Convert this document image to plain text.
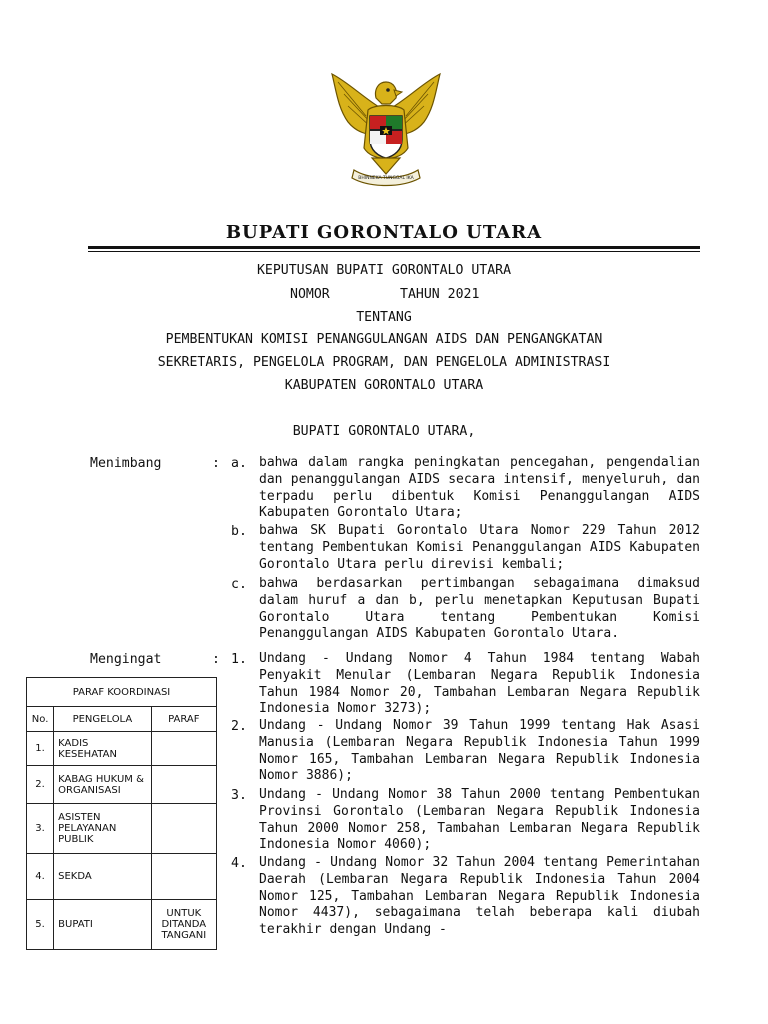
BHINNEKA TUNGGAL IKA
BUPATI GORONTALO UTARA
KEPUTUSAN BUPATI GORONTALO UTARA
NOMOR	TAHUN 2021
TENTANG
PEMBENTUKAN KOMISI PENANGGULANGAN AIDS DAN PENGANGKATAN
SEKRETARIS, PENGELOLA PROGRAM, DAN PENGELOLA ADMINISTRASI
KABUPATEN GORONTALO UTARA
BUPATI GORONTALO UTARA,
Menimbang	: a. bahwa dalam rangka peningkatan pencegahan, pengendalian dan penanggulangan AIDS secara intensif, menyeluruh, dan terpadu perlu dibentuk Komisi Penanggulangan AIDS Kabupaten Gorontalo Utara;

b. bahwa SK Bupati Gorontalo Utara Nomor 229 Tahun 2012 tentang Pembentukan Komisi Penanggulangan AIDS Kabupaten Gorontalo Utara perlu direvisi kembali;

c. bahwa berdasarkan pertimbangan sebagaimana dimaksud dalam huruf a dan b, perlu menetapkan Keputusan Bupati Gorontalo Utara tentang Pembentukan Komisi Penanggulangan AIDS Kabupaten Gorontalo Utara.

Mengingat	: 1. Undang - Undang Nomor 4 Tahun 1984 tentang Wabah Penyakit Menular (Lembaran Negara Republik Indonesia Tahun 1984 Nomor 20, Tambahan Lembaran Negara Republik Indonesia Nomor 3273);

2. Undang - Undang Nomor 39 Tahun 1999 tentang Hak Asasi Manusia (Lembaran Negara Republik Indonesia Tahun 1999 Nomor 165, Tambahan Lembaran Negara Republik Indonesia Nomor 3886);

3. Undang - Undang Nomor 38 Tahun 2000 tentang Pembentukan Provinsi Gorontalo (Lembaran Negara Republik Indonesia Tahun 2000 Nomor 258, Tambahan Lembaran Negara Republik Indonesia Nomor 4060);

4. Undang - Undang Nomor 32 Tahun 2004 tentang Pemerintahan Daerah (Lembaran Negara Republik Indonesia Tahun 2004 Nomor 125, Tambahan Lembaran Negara Republik Indonesia Nomor 4437), sebagaimana telah beberapa kali diubah terakhir dengan Undang -

PARAF KOORDINASI		
No.	PENGELOLA	PARAF
1.	KADIS KESEHATAN	
2.	KABAG HUKUM & ORGANISASI	
3.	ASISTEN PELAYANAN PUBLIK	
4.	SEKDA	
5.	BUPATI	UNTUK DITANDA TANGANI
